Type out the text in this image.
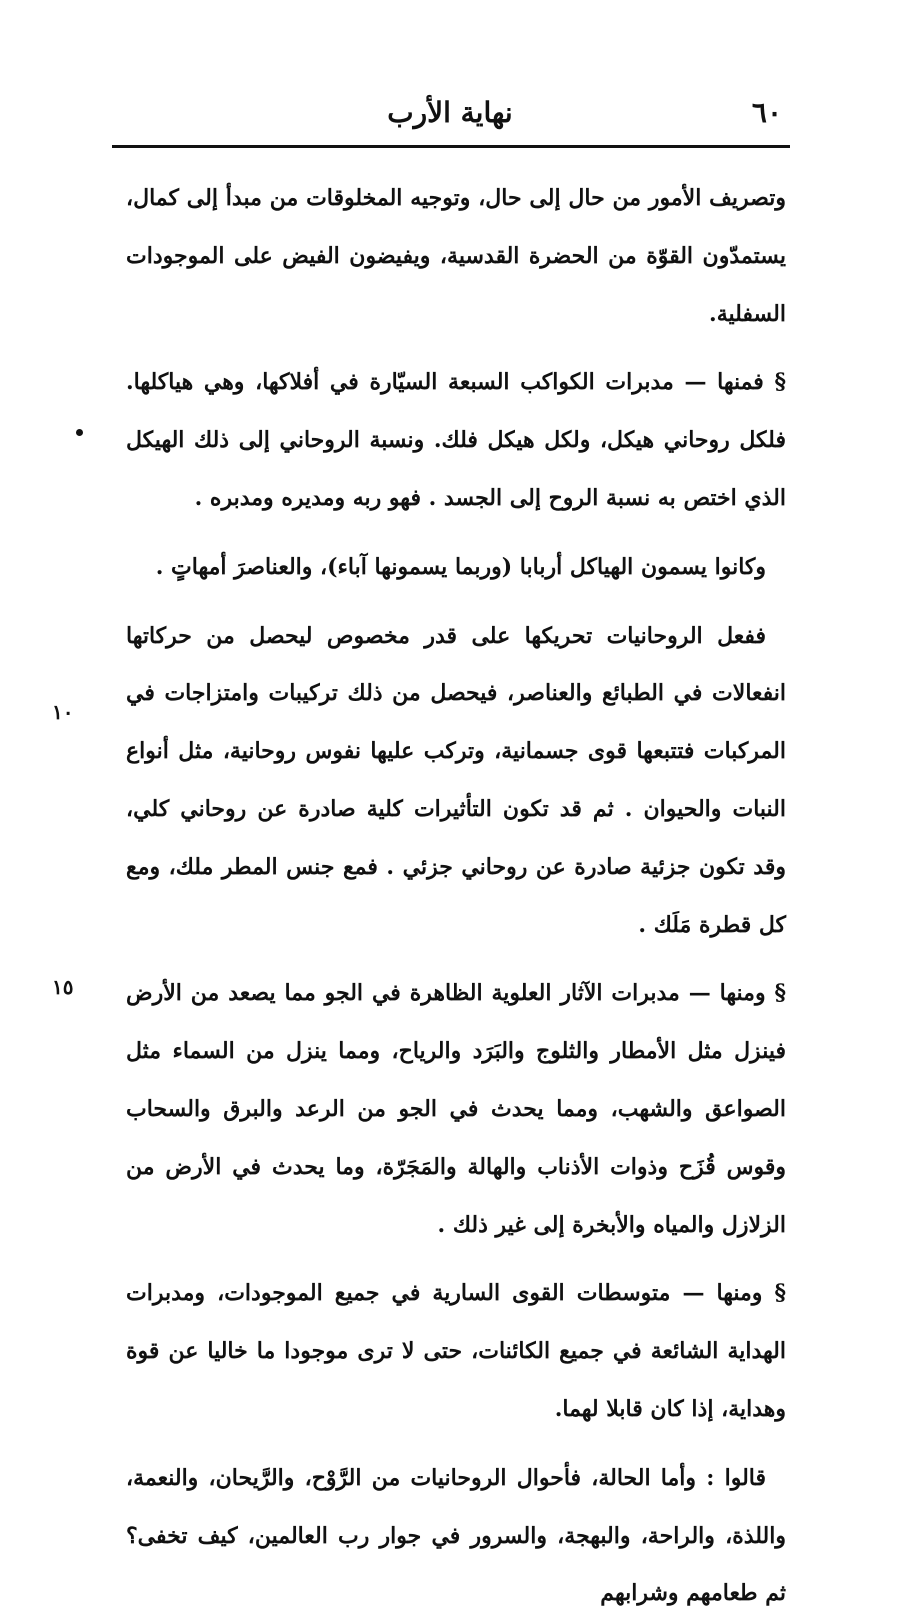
٦٠
نهاية الأرب
١٠
١٥

وتصريف الأمور من حال إلى حال، وتوجيه المخلوقات من مبدأ إلى كمال، يستمدّون القوّة من الحضرة القدسية، ويفيضون الفيض على الموجودات السفلية.

§ فمنها — مدبرات الكواكب السبعة السيّارة في أفلاكها، وهي هياكلها. فلكل روحاني هيكل، ولكل هيكل فلك. ونسبة الروحاني إلى ذلك الهيكل الذي اختص به نسبة الروح إلى الجسد . فهو ربه ومديره ومدبره .

وكانوا يسمون الهياكل أربابا (وربما يسمونها آباء)، والعناصرَ أمهاتٍ .

ففعل الروحانيات تحريكها على قدر مخصوص ليحصل من حركاتها انفعالات في الطبائع والعناصر، فيحصل من ذلك تركيبات وامتزاجات في المركبات فتتبعها قوى جسمانية، وتركب عليها نفوس روحانية، مثل أنواع النبات والحيوان . ثم قد تكون التأثيرات كلية صادرة عن روحاني كلي، وقد تكون جزئية صادرة عن روحاني جزئي . فمع جنس المطر ملك، ومع كل قطرة مَلَك .

§ ومنها — مدبرات الآثار العلوية الظاهرة في الجو مما يصعد من الأرض فينزل مثل الأمطار والثلوج والبَرَد والرياح، ومما ينزل من السماء مثل الصواعق والشهب، ومما يحدث في الجو من الرعد والبرق والسحاب وقوس قُزَح وذوات الأذناب والهالة والمَجَرّة، وما يحدث في الأرض من الزلازل والمياه والأبخرة إلى غير ذلك .

§ ومنها — متوسطات القوى السارية في جميع الموجودات، ومدبرات الهداية الشائعة في جميع الكائنات، حتى لا ترى موجودا ما خاليا عن قوة وهداية، إذا كان قابلا لهما.

قالوا : وأما الحالة، فأحوال الروحانيات من الرَّوْح، والرَّيحان، والنعمة، واللذة، والراحة، والبهجة، والسرور في جوار رب العالمين، كيف تخفى؟ ثم طعامهم وشرابهم
